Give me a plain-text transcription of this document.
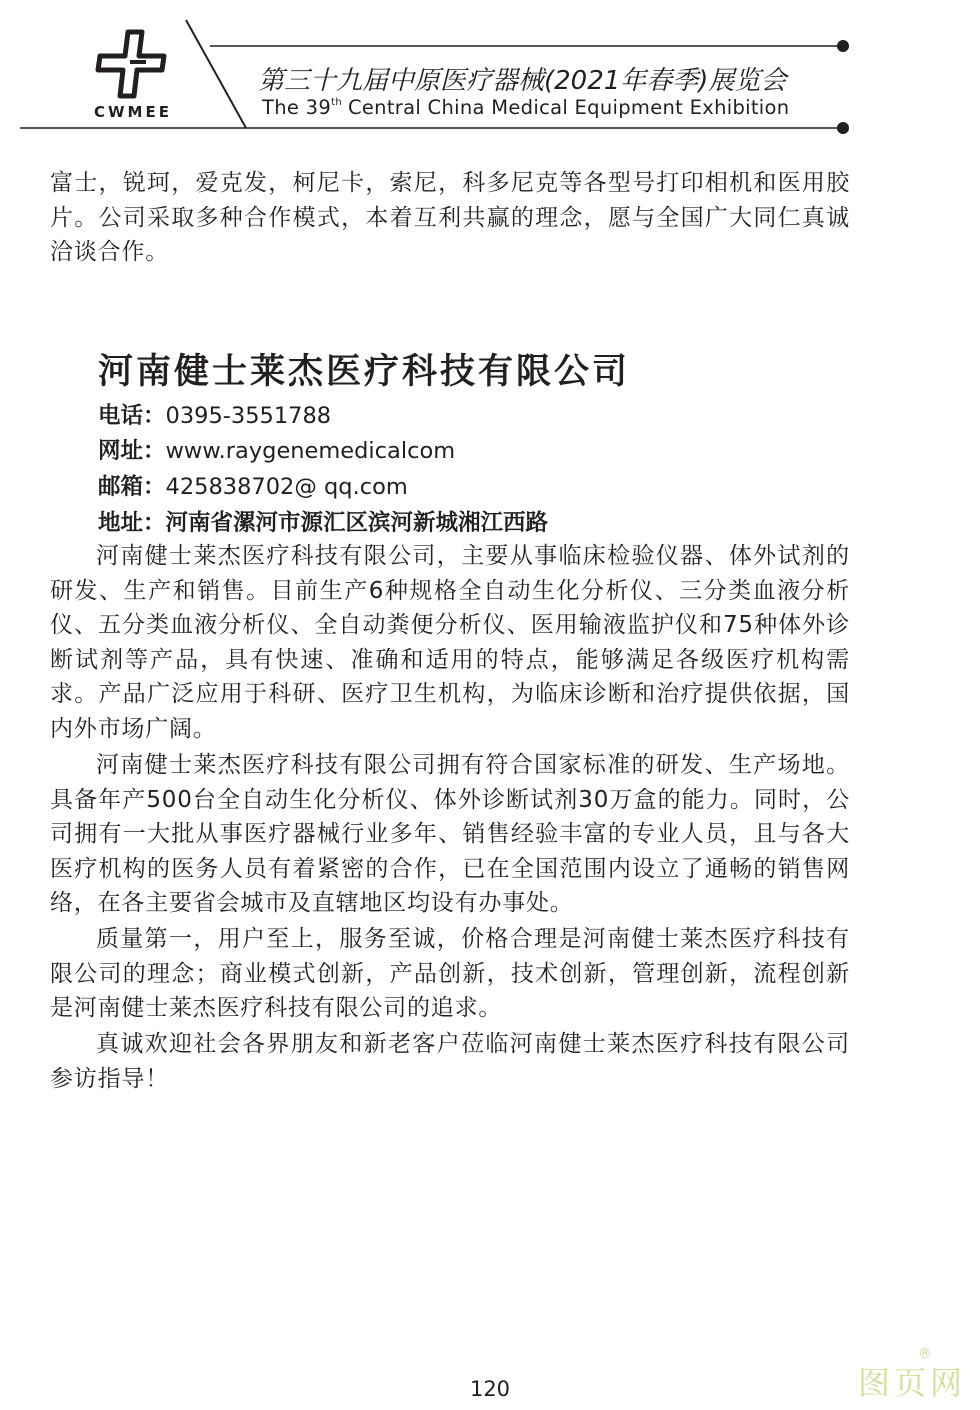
CWMEE
第三十九届中原医疗器械(2021年春季)展览会
The 39th Central China Medical Equipment Exhibition

富士，锐珂，爱克发，柯尼卡，索尼，科多尼克等各型号打印相机和医用胶片。公司采取多种合作模式，本着互利共赢的理念，愿与全国广大同仁真诚洽谈合作。

河南健士莱杰医疗科技有限公司
电话：0395-3551788
网址：www.raygenemedicalcom
邮箱：425838702@ qq.com
地址：河南省漯河市源汇区滨河新城湘江西路

河南健士莱杰医疗科技有限公司，主要从事临床检验仪器、体外试剂的研发、生产和销售。目前生产6种规格全自动生化分析仪、三分类血液分析仪、五分类血液分析仪、全自动粪便分析仪、医用输液监护仪和75种体外诊断试剂等产品，具有快速、准确和适用的特点，能够满足各级医疗机构需求。产品广泛应用于科研、医疗卫生机构，为临床诊断和治疗提供依据，国内外市场广阔。

河南健士莱杰医疗科技有限公司拥有符合国家标准的研发、生产场地。具备年产500台全自动生化分析仪、体外诊断试剂30万盒的能力。同时，公司拥有一大批从事医疗器械行业多年、销售经验丰富的专业人员，且与各大医疗机构的医务人员有着紧密的合作，已在全国范围内设立了通畅的销售网络，在各主要省会城市及直辖地区均设有办事处。

质量第一，用户至上，服务至诚，价格合理是河南健士莱杰医疗科技有限公司的理念；商业模式创新，产品创新，技术创新，管理创新，流程创新是河南健士莱杰医疗科技有限公司的追求。

真诚欢迎社会各界朋友和新老客户莅临河南健士莱杰医疗科技有限公司参访指导！

120	图页网
®
